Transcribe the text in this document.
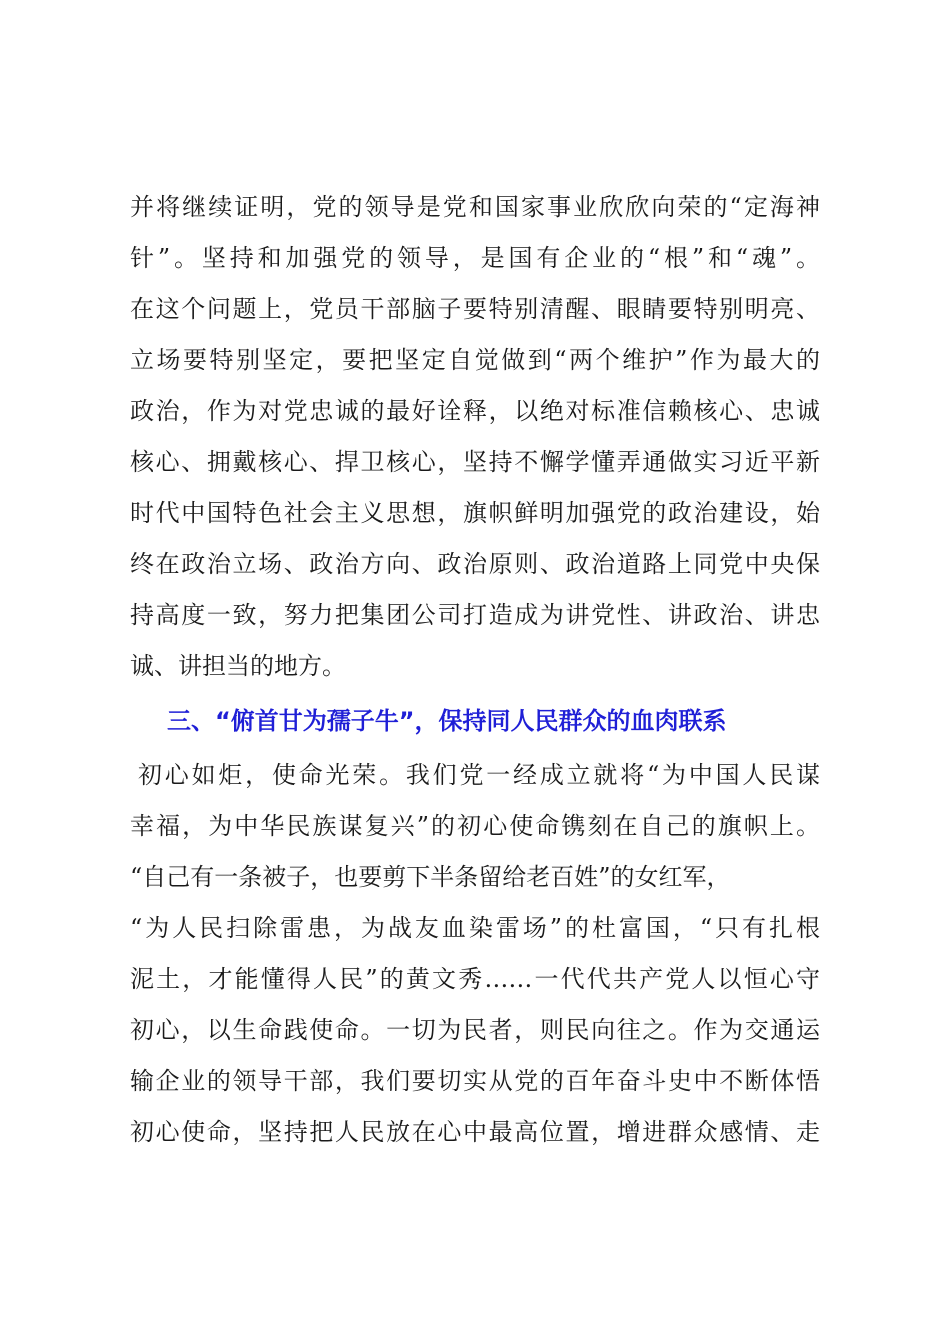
并将继续证明，党的领导是党和国家事业欣欣向荣的“定海神
针”。坚持和加强党的领导，是国有企业的“根”和“魂”。
在这个问题上，党员干部脑子要特别清醒、眼睛要特别明亮、
立场要特别坚定，要把坚定自觉做到“两个维护”作为最大的
政治，作为对党忠诚的最好诠释，以绝对标准信赖核心、忠诚
核心、拥戴核心、捍卫核心，坚持不懈学懂弄通做实习近平新
时代中国特色社会主义思想，旗帜鲜明加强党的政治建设，始
终在政治立场、政治方向、政治原则、政治道路上同党中央保
持高度一致，努力把集团公司打造成为讲党性、讲政治、讲忠
诚、讲担当的地方。
三、“俯首甘为孺子牛”，保持同人民群众的血肉联系
初心如炬，使命光荣。我们党一经成立就将“为中国人民谋
幸福，为中华民族谋复兴”的初心使命镌刻在自己的旗帜上。
“自己有一条被子，也要剪下半条留给老百姓”的女红军，
“为人民扫除雷患，为战友血染雷场”的杜富国，“只有扎根
泥土，才能懂得人民”的黄文秀……一代代共产党人以恒心守
初心，以生命践使命。一切为民者，则民向往之。作为交通运
输企业的领导干部，我们要切实从党的百年奋斗史中不断体悟
初心使命，坚持把人民放在心中最高位置，增进群众感情、走
